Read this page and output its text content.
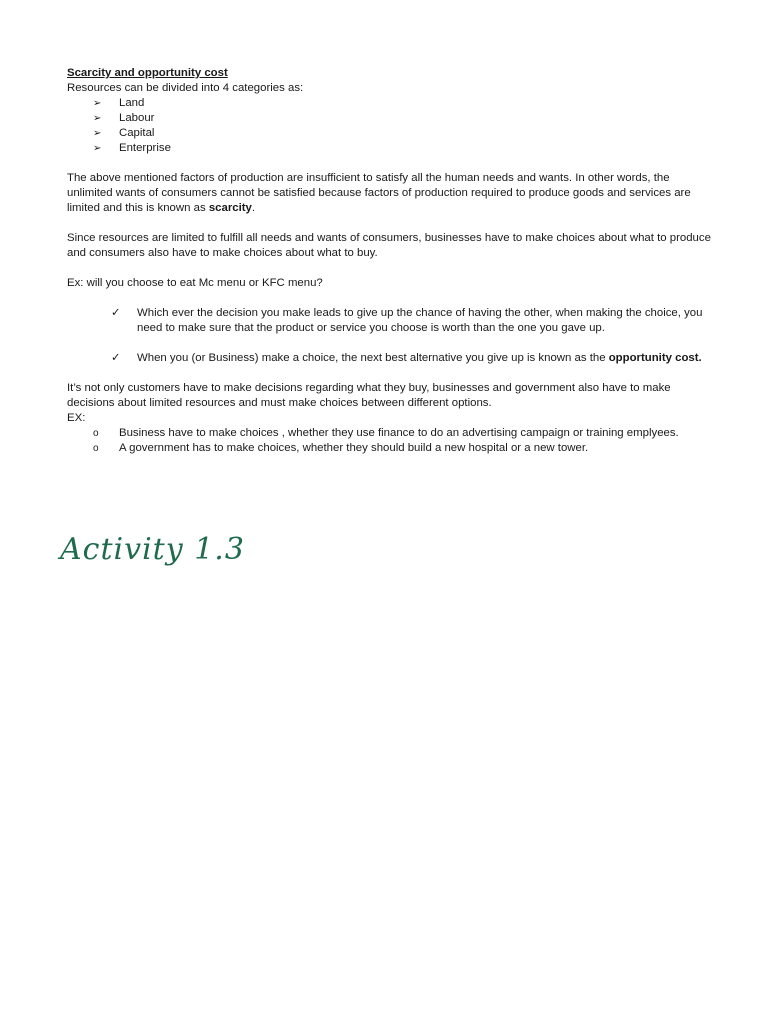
Scarcity and opportunity cost
Resources can be divided into 4 categories as:
➢ Land
➢ Labour
➢ Capital
➢ Enterprise
The above mentioned factors of production are insufficient to satisfy all the human needs and wants. In other words, the unlimited wants of consumers cannot be satisfied because factors of production required to produce goods and services are limited and this is known as scarcity.
Since resources are limited to fulfill all needs and wants of consumers, businesses have to make choices about what to produce and consumers also have to make choices about what to buy.
Ex: will you choose to eat Mc menu or KFC menu?
✓ Which ever the decision you make leads to give up the chance of having the other, when making the choice, you need to make sure that the product or service you choose is worth than the one you gave up.
✓ When you (or Business) make a choice, the next best alternative you give up is known as the opportunity cost.
It’s not only customers have to make decisions regarding what they buy, businesses and government also have to make decisions about limited resources and must make choices between different options.
EX:
o Business have to make choices , whether they use finance to do an advertising campaign or training emplyees.
o A government has to make choices, whether they should build a new hospital or a new tower.
Activity 1.3
